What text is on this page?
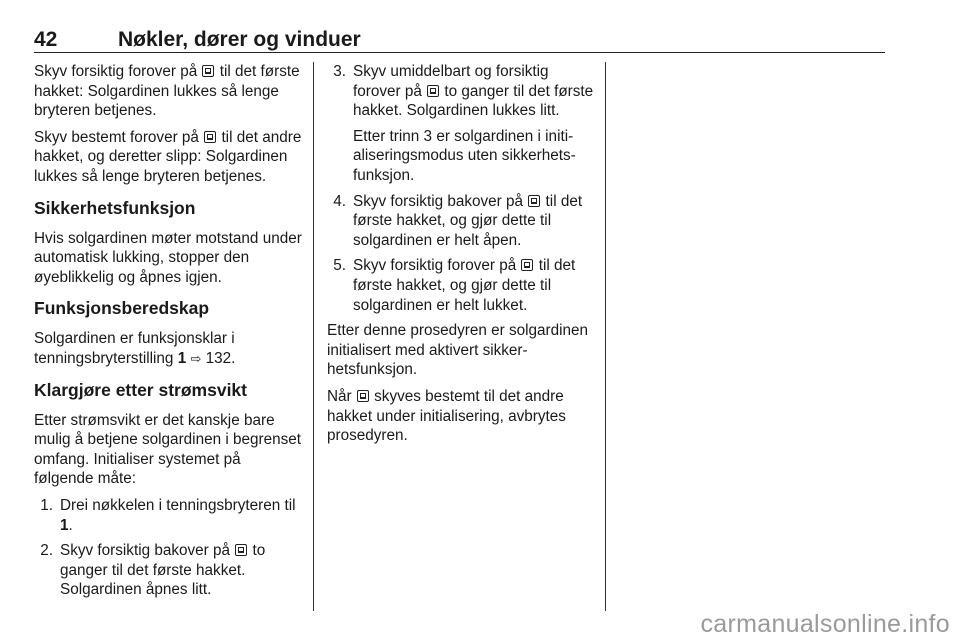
42	Nøkler, dører og vinduer

Skyv forsiktig forover på til det første hakket: Solgardinen lukkes så lenge bryteren betjenes.

Skyv bestemt forover på til det andre hakket, og deretter slipp: Solgardinen lukkes så lenge bryteren betjenes.

Sikkerhetsfunksjon

Hvis solgardinen møter motstand under automatisk lukking, stopper den øyeblikkelig og åpnes igjen.

Funksjonsberedskap

Solgardinen er funksjonsklar i tenningsbryterstilling 1 ⇨ 132.

Klargjøre etter strømsvikt

Etter strømsvikt er det kanskje bare mulig å betjene solgardinen i begrenset omfang. Initialiser systemet på følgende måte:

1. Drei nøkkelen i tenningsbryteren til 1.
2. Skyv forsiktig bakover på to ganger til det første hakket. Solgardinen åpnes litt.
3. Skyv umiddelbart og forsiktig forover på to ganger til det første hakket. Solgardinen lukkes litt.

Etter trinn 3 er solgardinen i initialiseringsmodus uten sikkerhetsfunksjon.

4. Skyv forsiktig bakover på til det første hakket, og gjør dette til solgardinen er helt åpen.
5. Skyv forsiktig forover på til det første hakket, og gjør dette til solgardinen er helt lukket.

Etter denne prosedyren er solgardinen initialisert med aktivert sikkerhetsfunksjon.

Når skyves bestemt til det andre hakket under initialisering, avbrytes prosedyren.

carmanualsonline.info
